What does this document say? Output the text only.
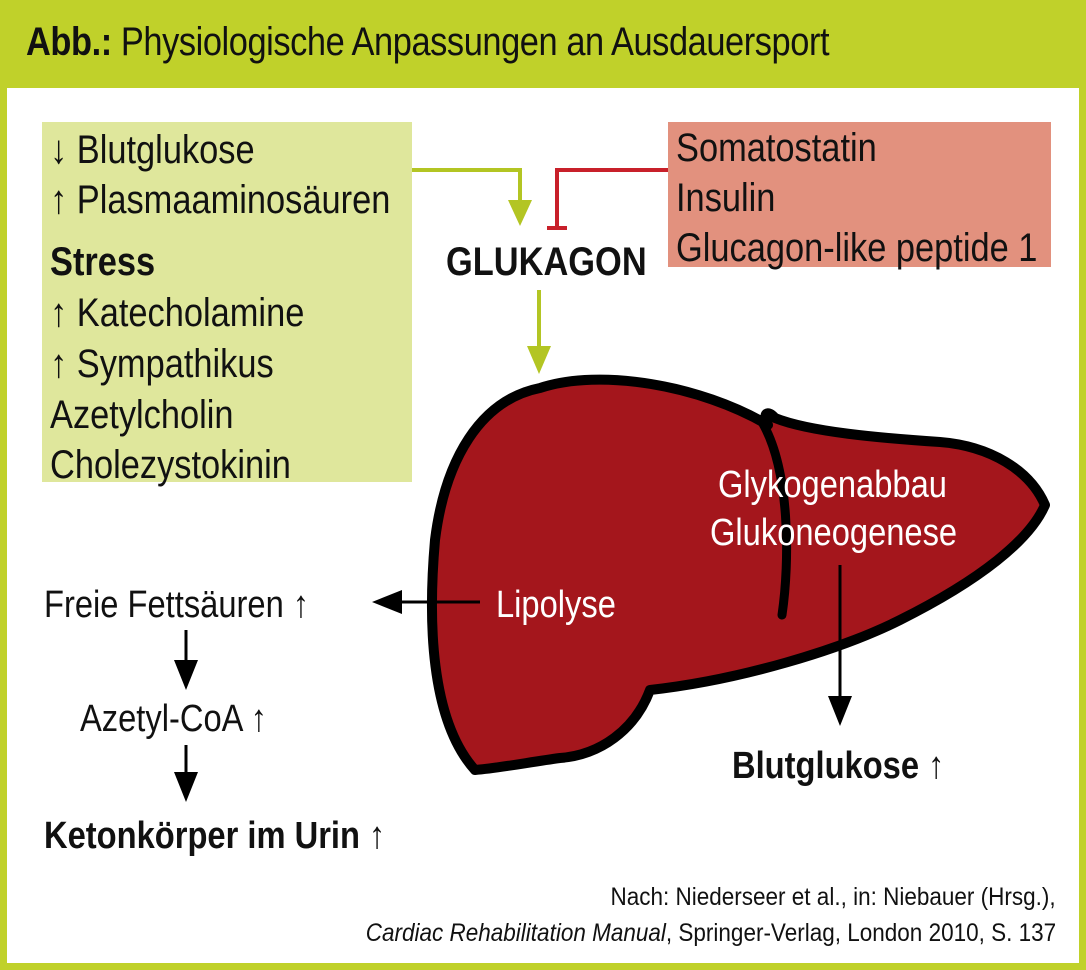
Abb.: Physiologische Anpassungen an Ausdauersport
↓ Blutglukose
↑ Plasmaaminosäuren
Stress
↑ Katecholamine
↑ Sympathikus
Azetylcholin
Cholezystokinin
Somatostatin
Insulin
Glucagon-like peptide 1
GLUKAGON
Glykogenabbau
Glukoneogenese
Lipolyse
Freie Fettsäuren ↑
Azetyl-CoA ↑
Ketonkörper im Urin ↑
Blutglukose ↑
Nach: Niederseer et al., in: Niebauer (Hrsg.),
Cardiac Rehabilitation Manual, Springer-Verlag, London 2010, S. 137
